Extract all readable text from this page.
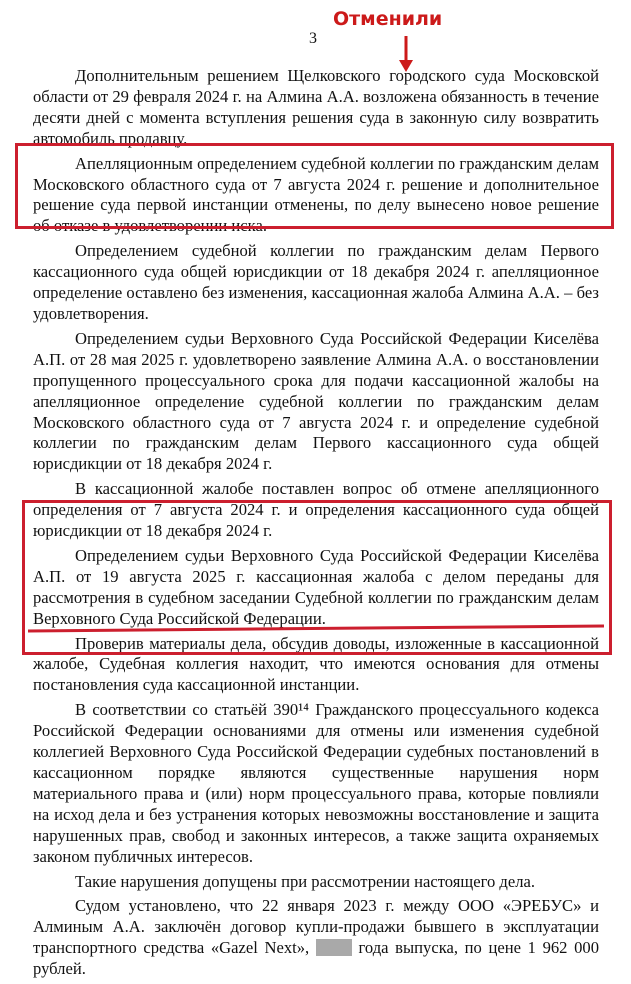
3
Отменили

Дополнительным решением Щелковского городского суда Московской области от 29 февраля 2024 г. на Алмина А.А. возложена обязанность в течение десяти дней с момента вступления решения суда в законную силу возвратить автомобиль продавцу.

Апелляционным определением судебной коллегии по гражданским делам Московского областного суда от 7 августа 2024 г. решение и дополнительное решение суда первой инстанции отменены, по делу вынесено новое решение об отказе в удовлетворении иска.

Определением судебной коллегии по гражданским делам Первого кассационного суда общей юрисдикции от 18 декабря 2024 г. апелляционное определение оставлено без изменения, кассационная жалоба Алмина А.А. – без удовлетворения.

Определением судьи Верховного Суда Российской Федерации Киселёва А.П. от 28 мая 2025 г. удовлетворено заявление Алмина А.А. о восстановлении пропущенного процессуального срока для подачи кассационной жалобы на апелляционное определение судебной коллегии по гражданским делам Московского областного суда от 7 августа 2024 г. и определение судебной коллегии по гражданским делам Первого кассационного суда общей юрисдикции от 18 декабря 2024 г.

В кассационной жалобе поставлен вопрос об отмене апелляционного определения от 7 августа 2024 г. и определения кассационного суда общей юрисдикции от 18 декабря 2024 г.

Определением судьи Верховного Суда Российской Федерации Киселёва А.П. от 19 августа 2025 г. кассационная жалоба с делом переданы для рассмотрения в судебном заседании Судебной коллегии по гражданским делам Верховного Суда Российской Федерации.

Проверив материалы дела, обсудив доводы, изложенные в кассационной жалобе, Судебная коллегия находит, что имеются основания для отмены постановления суда кассационной инстанции.

В соответствии со статьёй 390¹⁴ Гражданского процессуального кодекса Российской Федерации основаниями для отмены или изменения судебной коллегией Верховного Суда Российской Федерации судебных постановлений в кассационном порядке являются существенные нарушения норм материального права и (или) норм процессуального права, которые повлияли на исход дела и без устранения которых невозможны восстановление и защита нарушенных прав, свобод и законных интересов, а также защита охраняемых законом публичных интересов.

Такие нарушения допущены при рассмотрении настоящего дела.

Судом установлено, что 22 января 2023 г. между ООО «ЭРЕБУС» и Алминым А.А. заключён договор купли-продажи бывшего в эксплуатации транспортного средства «Gazel Next»,  года выпуска, по цене 1 962 000 рублей.
